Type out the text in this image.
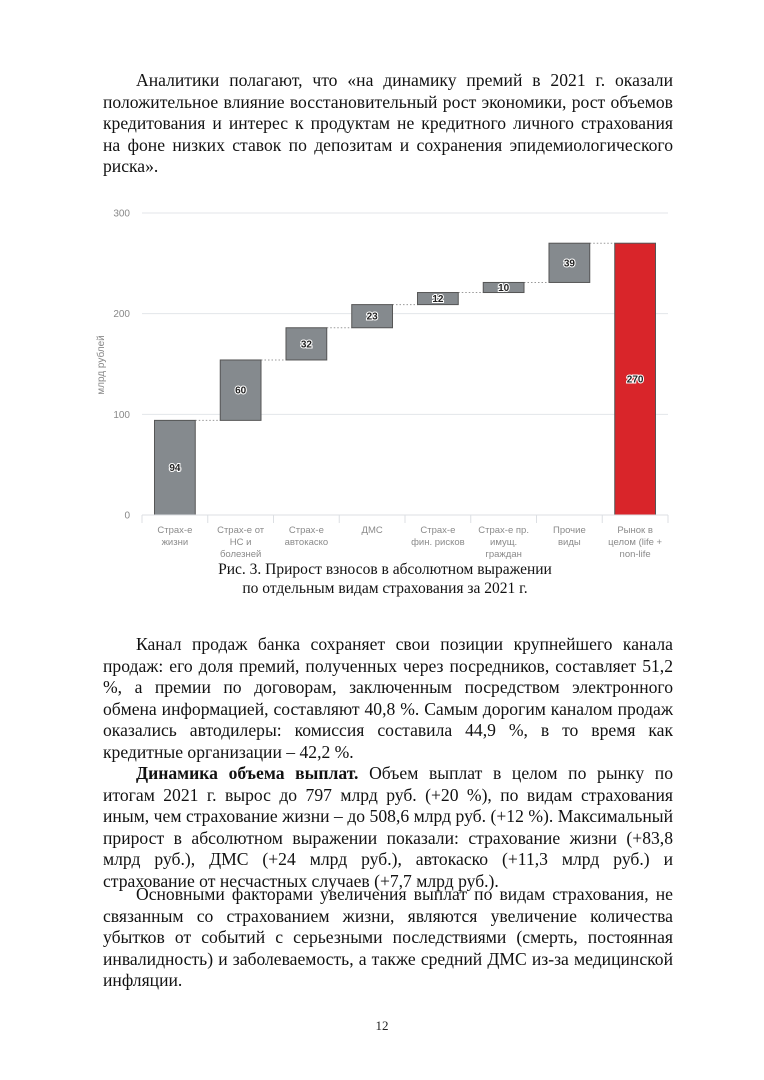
Аналитики полагают, что «на динамику премий в 2021 г. оказали положительное влияние восстановительный рост экономики, рост объемов кредитования и интерес к продуктам не кредитного личного страхования на фоне низких ставок по депозитам и сохранения эпидемиологического риска».

94
60
32
23
12
10
39
270
0
100
200
300
Страх-е
жизни
Страх-е от
НС и
болезней
Страх-е
автокаско
ДМС	Страх-е
фин. рисков
Страх-е пр.
имущ.
граждан
Прочие
виды
Рынок в
целом (life +
non-life
млрд рублей
Рис. 3. Прирост взносов в абсолютном выражении
по отдельным видам страхования за 2021 г.

Канал продаж банка сохраняет свои позиции крупнейшего канала продаж: его доля премий, полученных через посредников, составляет 51,2 %, а премии по договорам, заключенным посредством электронного обмена информацией, составляют 40,8 %. Самым дорогим каналом продаж оказались автодилеры: комиссия составила 44,9 %, в то время как кредитные организации – 42,2 %.

Динамика объема выплат. Объем выплат в целом по рынку по итогам 2021 г. вырос до 797 млрд руб. (+20 %), по видам страхования иным, чем страхование жизни – до 508,6 млрд руб. (+12 %). Максимальный прирост в абсолютном выражении показали: страхование жизни (+83,8 млрд руб.), ДМС (+24 млрд руб.), автокаско (+11,3 млрд руб.) и страхование от несчастных случаев (+7,7 млрд руб.).

Основными факторами увеличения выплат по видам страхования, не связанным со страхованием жизни, являются увеличение количества убытков от событий с серьезными последствиями (смерть, постоянная инвалидность) и заболеваемость, а также средний ДМС из-за медицинской инфляции.

12
